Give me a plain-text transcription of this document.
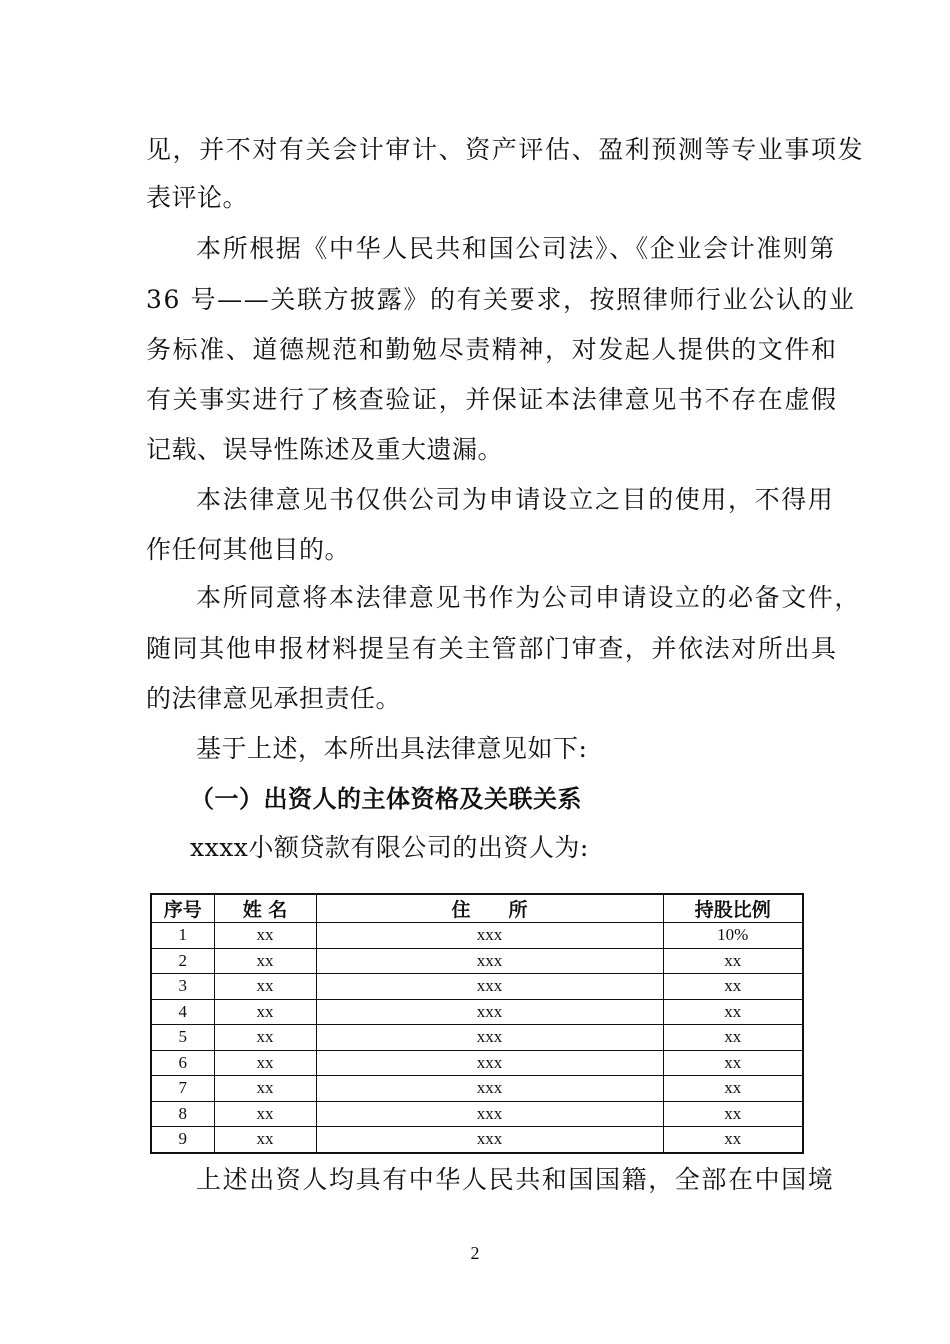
见，并不对有关会计审计、资产评估、盈利预测等专业事项发
表评论。
本所根据《中华人民共和国公司法》、《企业会计准则第
36 号——关联方披露》的有关要求，按照律师行业公认的业
务标准、道德规范和勤勉尽责精神，对发起人提供的文件和
有关事实进行了核查验证，并保证本法律意见书不存在虚假
记载、误导性陈述及重大遗漏。
本法律意见书仅供公司为申请设立之目的使用，不得用
作任何其他目的。
本所同意将本法律意见书作为公司申请设立的必备文件，
随同其他申报材料提呈有关主管部门审查，并依法对所出具
的法律意见承担责任。
基于上述，本所出具法律意见如下:
（一）出资人的主体资格及关联关系
xxxx小额贷款有限公司的出资人为:
序号	姓 名	住　　所	持股比例
1	xx	xxx	10%
2	xx	xxx	xx
3	xx	xxx	xx
4	xx	xxx	xx
5	xx	xxx	xx
6	xx	xxx	xx
7	xx	xxx	xx
8	xx	xxx	xx
9	xx	xxx	xx
上述出资人均具有中华人民共和国国籍，全部在中国境
2
